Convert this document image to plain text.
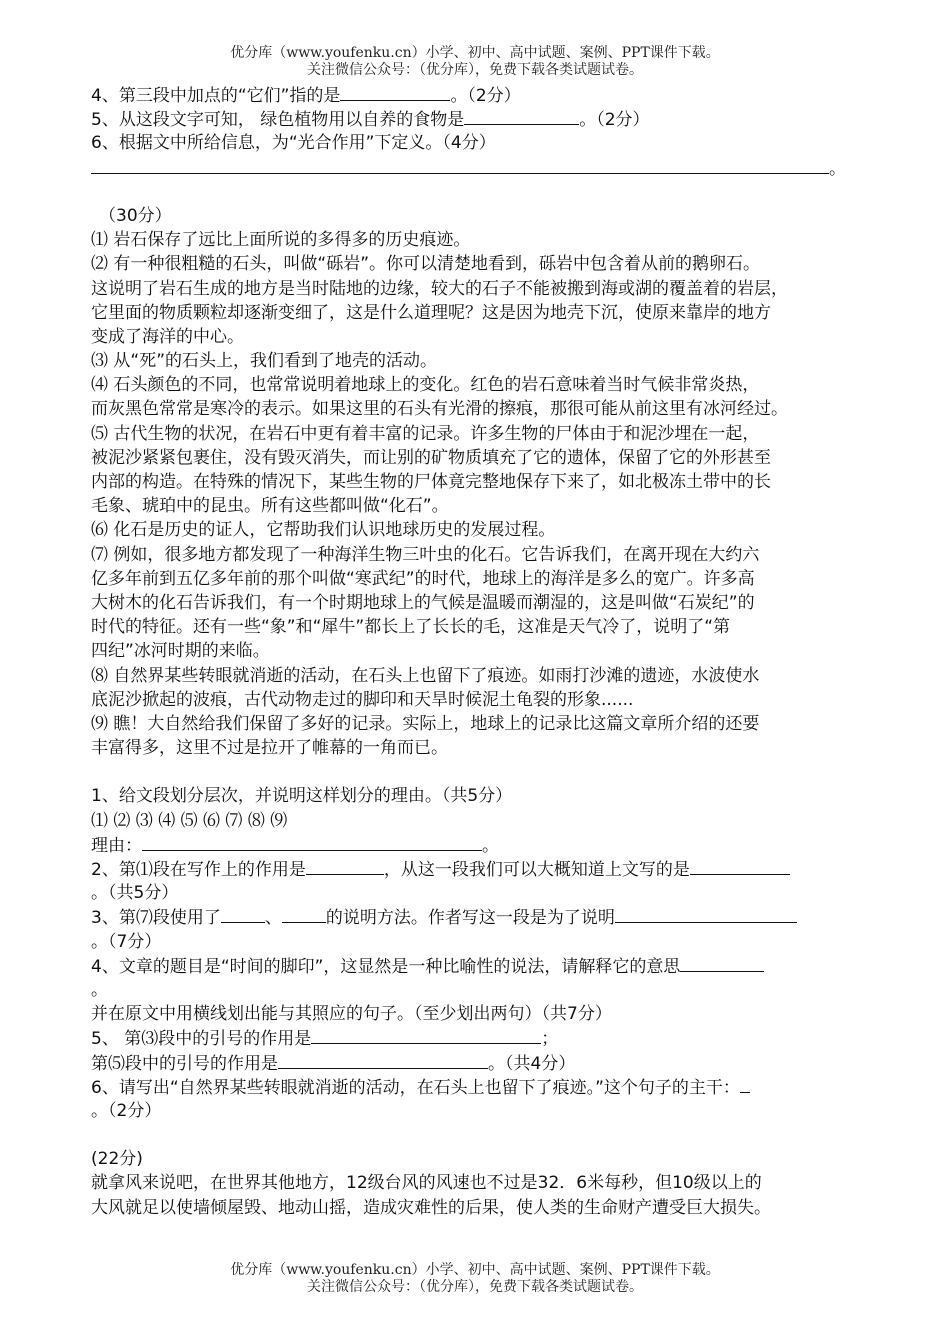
优分库（www.youfenku.cn）小学、初中、高中试题、案例、PPT课件下载。
关注微信公众号：（优分库），免费下载各类试题试卷。
4、第三段中加点的“它们”指的是	。（2分）
5、从这段文字可知， 绿色植物用以自养的食物是	。（2分）
6、根据文中所给信息，为“光合作用”下定义。（4分）
。
（30分）
⑴ 岩石保存了远比上面所说的多得多的历史痕迹。
⑵ 有一种很粗糙的石头，叫做“砾岩”。你可以清楚地看到，砾岩中包含着从前的鹅卵石。
这说明了岩石生成的地方是当时陆地的边缘，较大的石子不能被搬到海或湖的覆盖着的岩层，
它里面的物质颗粒却逐渐变细了，这是什么道理呢？这是因为地壳下沉，使原来靠岸的地方
变成了海洋的中心。
⑶ 从“死”的石头上，我们看到了地壳的活动。
⑷ 石头颜色的不同，也常常说明着地球上的变化。红色的岩石意味着当时气候非常炎热，
而灰黑色常常是寒冷的表示。如果这里的石头有光滑的擦痕，那很可能从前这里有冰河经过。
⑸ 古代生物的状况，在岩石中更有着丰富的记录。许多生物的尸体由于和泥沙埋在一起，
被泥沙紧紧包裹住，没有毁灭消失，而让别的矿物质填充了它的遗体，保留了它的外形甚至
内部的构造。在特殊的情况下，某些生物的尸体竟完整地保存下来了，如北极冻土带中的长
毛象、琥珀中的昆虫。所有这些都叫做“化石”。
⑹ 化石是历史的证人，它帮助我们认识地球历史的发展过程。
⑺ 例如，很多地方都发现了一种海洋生物三叶虫的化石。它告诉我们，在离开现在大约六
亿多年前到五亿多年前的那个叫做“寒武纪”的时代，地球上的海洋是多么的宽广。许多高
大树木的化石告诉我们，有一个时期地球上的气候是温暖而潮湿的，这是叫做“石炭纪”的
时代的特征。还有一些“象”和“犀牛”都长上了长长的毛，这准是天气冷了，说明了“第
四纪”冰河时期的来临。
⑻ 自然界某些转眼就消逝的活动，在石头上也留下了痕迹。如雨打沙滩的遗迹，水波使水
底泥沙掀起的波痕，古代动物走过的脚印和天旱时候泥土龟裂的形象......
⑼ 瞧！大自然给我们保留了多好的记录。实际上，地球上的记录比这篇文章所介绍的还要
丰富得多，这里不过是拉开了帷幕的一角而已。
1、给文段划分层次，并说明这样划分的理由。（共5分）
⑴ ⑵ ⑶ ⑷ ⑸ ⑹ ⑺ ⑻ ⑼
理由：	。
2、第⑴段在写作上的作用是	，从这一段我们可以大概知道上文写的是
。（共5分）
3、第⑺段使用了	、	的说明方法。作者写这一段是为了说明
。（7分）
4、文章的题目是“时间的脚印”，这显然是一种比喻性的说法，请解释它的意思
。
并在原文中用横线划出能与其照应的句子。（至少划出两句）（共7分）
5、 第⑶段中的引号的作用是	；
第⑸段中的引号的作用是	。（共4分）
6、请写出“自然界某些转眼就消逝的活动，在石头上也留下了痕迹。”这个句子的主干：
。（2分）
(22分)
就拿风来说吧，在世界其他地方，12级台风的风速也不过是32．6米每秒，但10级以上的
大风就足以使墙倾屋毁、地动山摇，造成灾难性的后果，使人类的生命财产遭受巨大损失。
优分库（www.youfenku.cn）小学、初中、高中试题、案例、PPT课件下载。
关注微信公众号：（优分库），免费下载各类试题试卷。
